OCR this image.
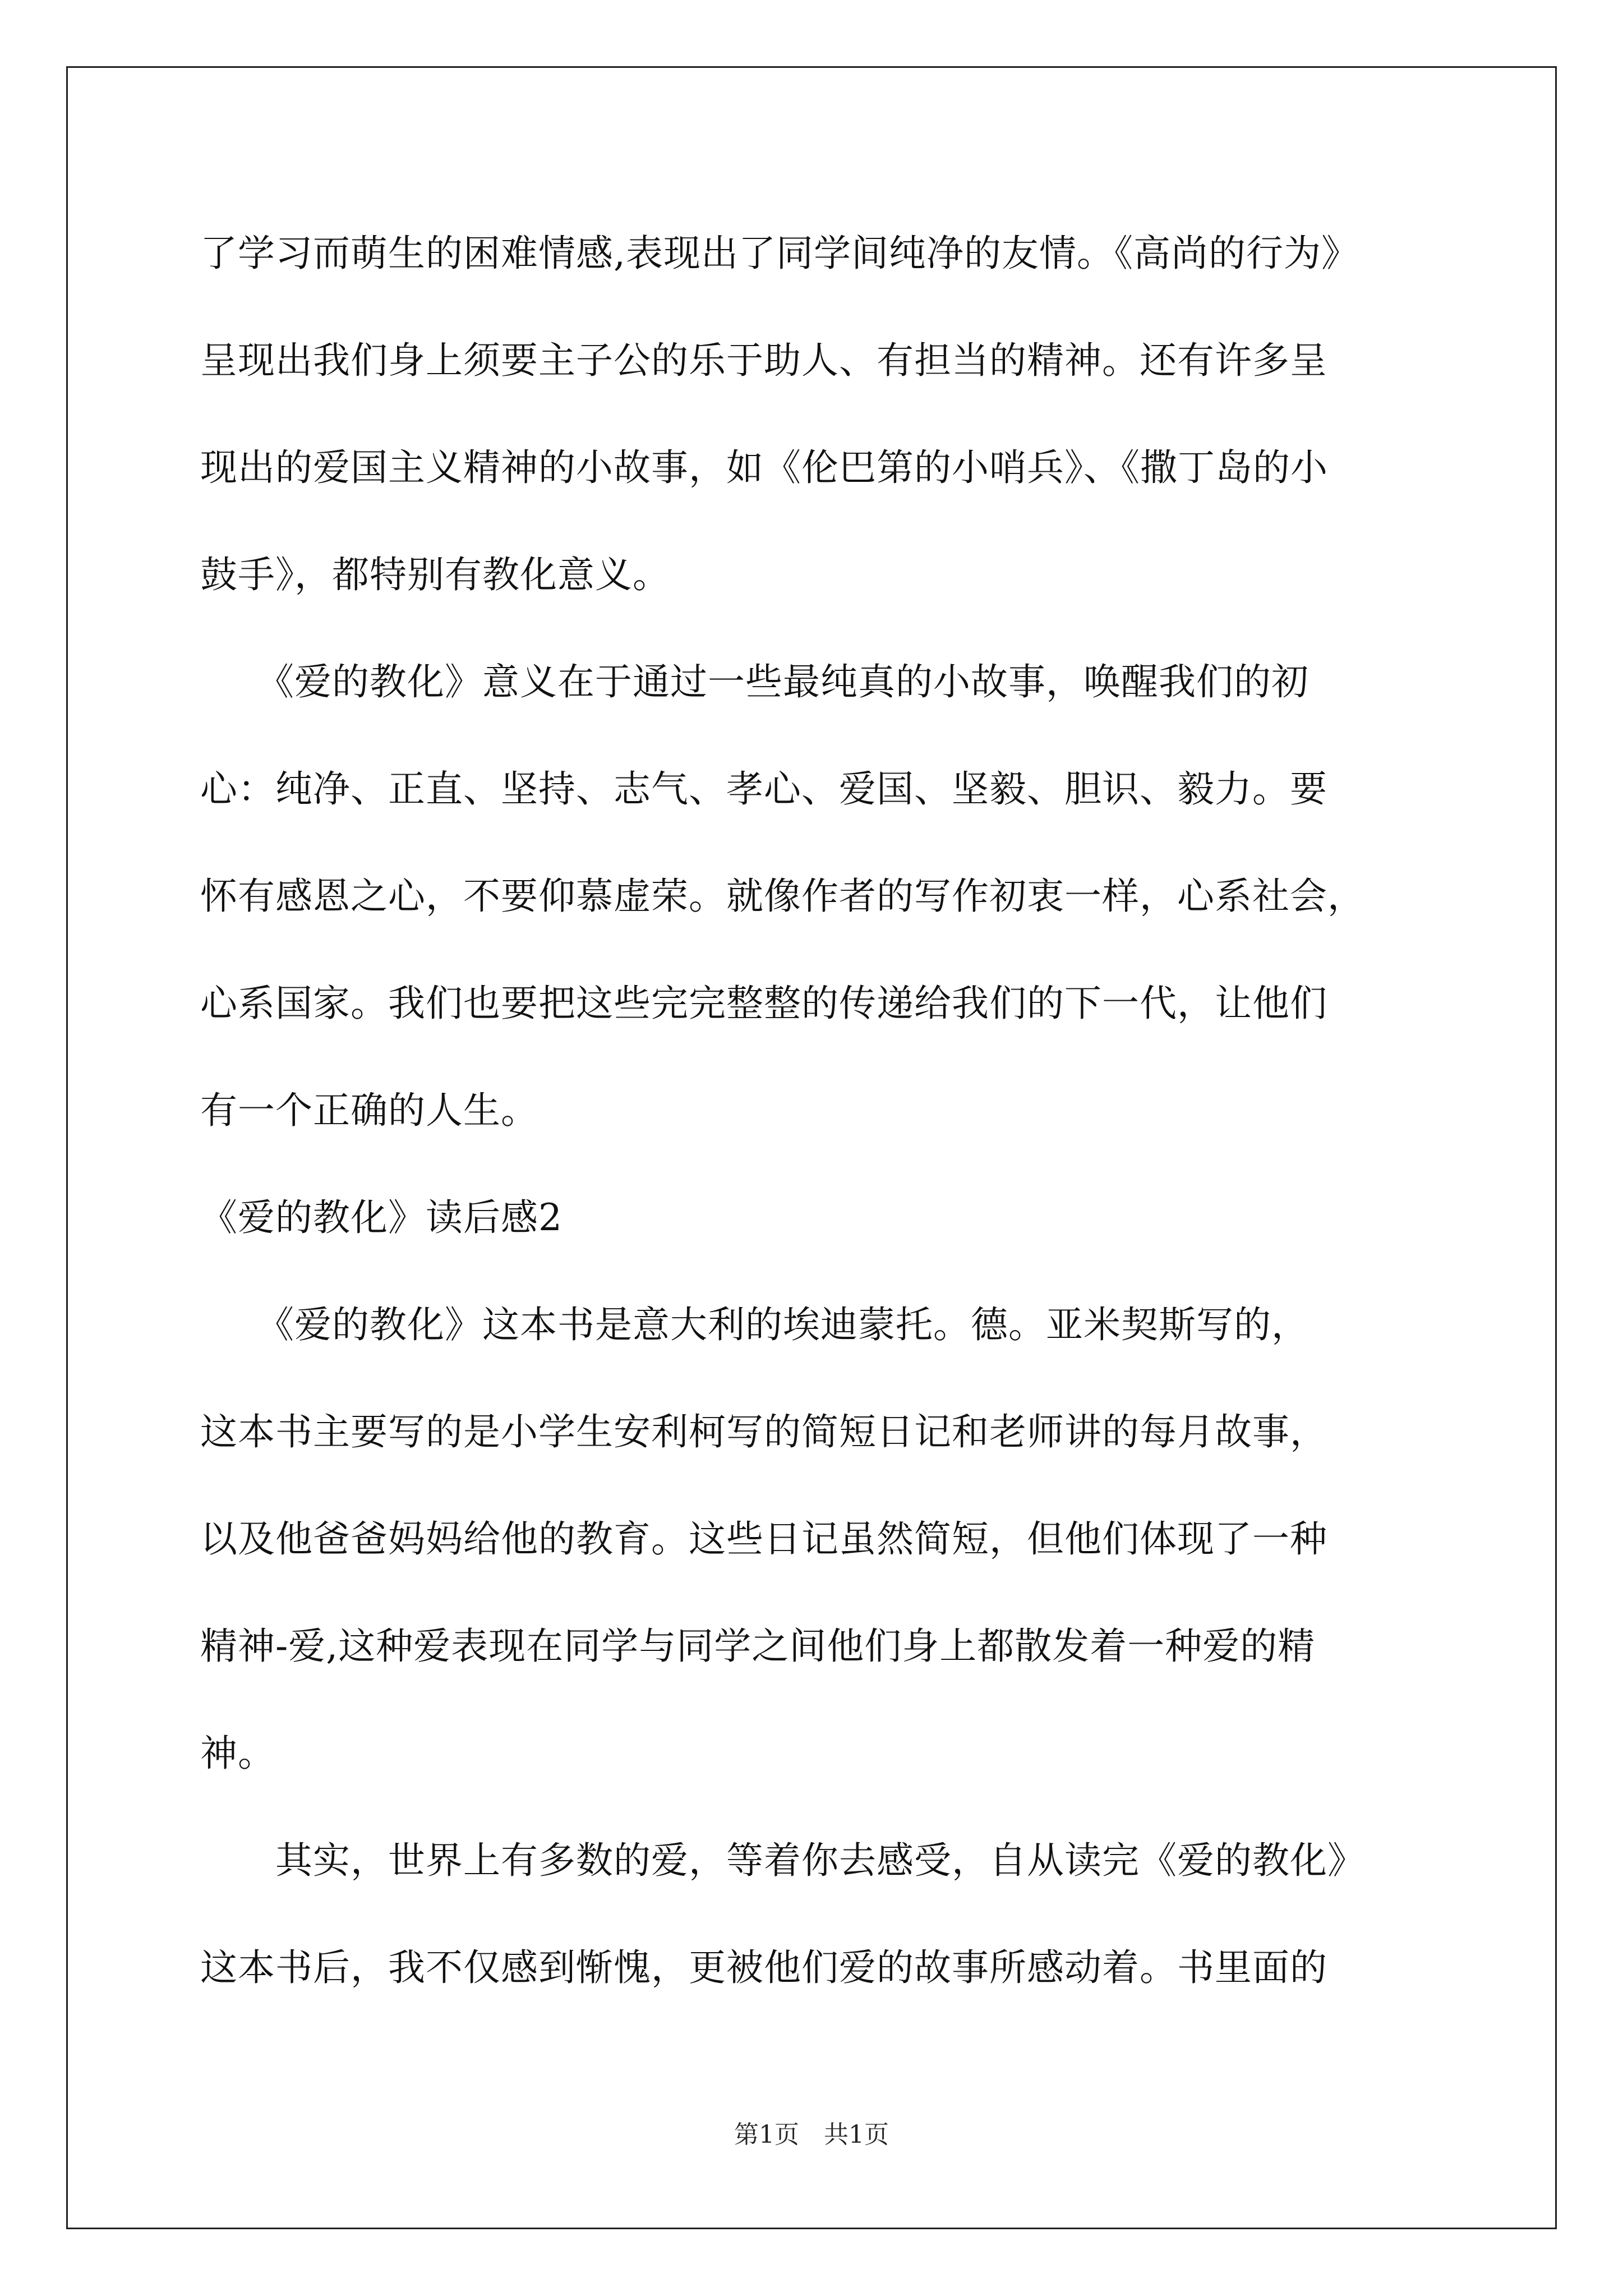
了学习而萌生的困难情感,表现出了同学间纯净的友情。《高尚的行为》
呈现出我们身上须要主子公的乐于助人、有担当的精神。还有许多呈
现出的爱国主义精神的小故事，如《伦巴第的小哨兵》、《撒丁岛的小
鼓手》，都特别有教化意义。
　　《爱的教化》意义在于通过一些最纯真的小故事，唤醒我们的初
心：纯净、正直、坚持、志气、孝心、爱国、坚毅、胆识、毅力。要
怀有感恩之心，不要仰慕虚荣。就像作者的写作初衷一样，心系社会，
心系国家。我们也要把这些完完整整的传递给我们的下一代，让他们
有一个正确的人生。
《爱的教化》读后感2
　　《爱的教化》这本书是意大利的埃迪蒙托。德。亚米契斯写的，
这本书主要写的是小学生安利柯写的简短日记和老师讲的每月故事，
以及他爸爸妈妈给他的教育。这些日记虽然简短，但他们体现了一种
精神-爱,这种爱表现在同学与同学之间他们身上都散发着一种爱的精
神。
　　其实，世界上有多数的爱，等着你去感受，自从读完《爱的教化》
这本书后，我不仅感到惭愧，更被他们爱的故事所感动着。书里面的
第1页　共1页
